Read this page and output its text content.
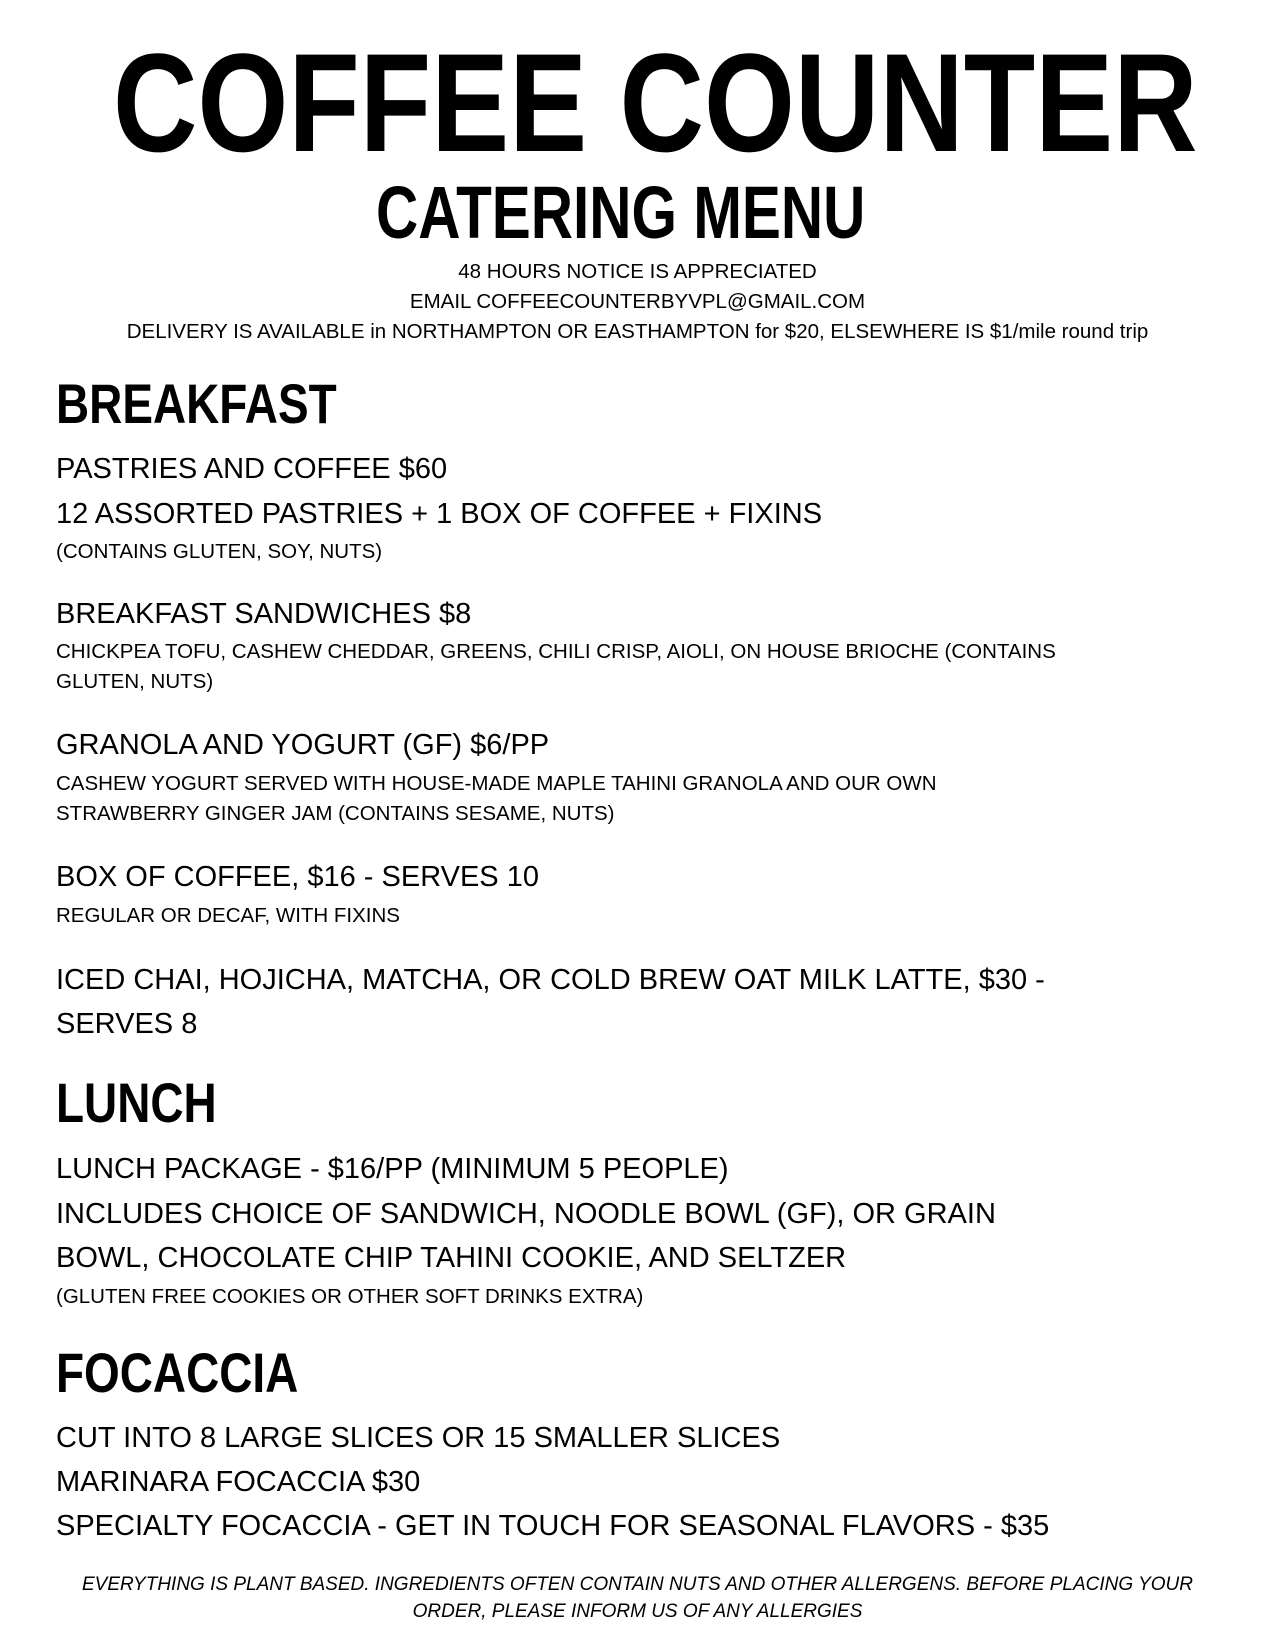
COFFEE COUNTER
CATERING MENU

48 HOURS NOTICE IS APPRECIATED

EMAIL COFFEECOUNTERBYVPL@GMAIL.COM

DELIVERY IS AVAILABLE in NORTHAMPTON OR EASTHAMPTON for $20, ELSEWHERE IS $1/mile round trip

BREAKFAST

PASTRIES AND COFFEE $60

12 ASSORTED PASTRIES + 1 BOX OF COFFEE + FIXINS

(CONTAINS GLUTEN, SOY, NUTS)

BREAKFAST SANDWICHES $8

CHICKPEA TOFU, CASHEW CHEDDAR, GREENS, CHILI CRISP, AIOLI, ON HOUSE BRIOCHE (CONTAINS

GLUTEN, NUTS)

GRANOLA AND YOGURT (GF) $6/PP

CASHEW YOGURT SERVED WITH HOUSE-MADE MAPLE TAHINI GRANOLA AND OUR OWN

STRAWBERRY GINGER JAM (CONTAINS SESAME, NUTS)

BOX OF COFFEE, $16 - SERVES 10

REGULAR OR DECAF, WITH FIXINS

ICED CHAI, HOJICHA, MATCHA, OR COLD BREW OAT MILK LATTE, $30 -

SERVES 8

LUNCH

LUNCH PACKAGE - $16/PP (MINIMUM 5 PEOPLE)

INCLUDES CHOICE OF SANDWICH, NOODLE BOWL (GF), OR GRAIN

BOWL, CHOCOLATE CHIP TAHINI COOKIE, AND SELTZER

(GLUTEN FREE COOKIES OR OTHER SOFT DRINKS EXTRA)

FOCACCIA

CUT INTO 8 LARGE SLICES OR 15 SMALLER SLICES

MARINARA FOCACCIA $30

SPECIALTY FOCACCIA - GET IN TOUCH FOR SEASONAL FLAVORS - $35

EVERYTHING IS PLANT BASED. INGREDIENTS OFTEN CONTAIN NUTS AND OTHER ALLERGENS. BEFORE PLACING YOUR

ORDER, PLEASE INFORM US OF ANY ALLERGIES
